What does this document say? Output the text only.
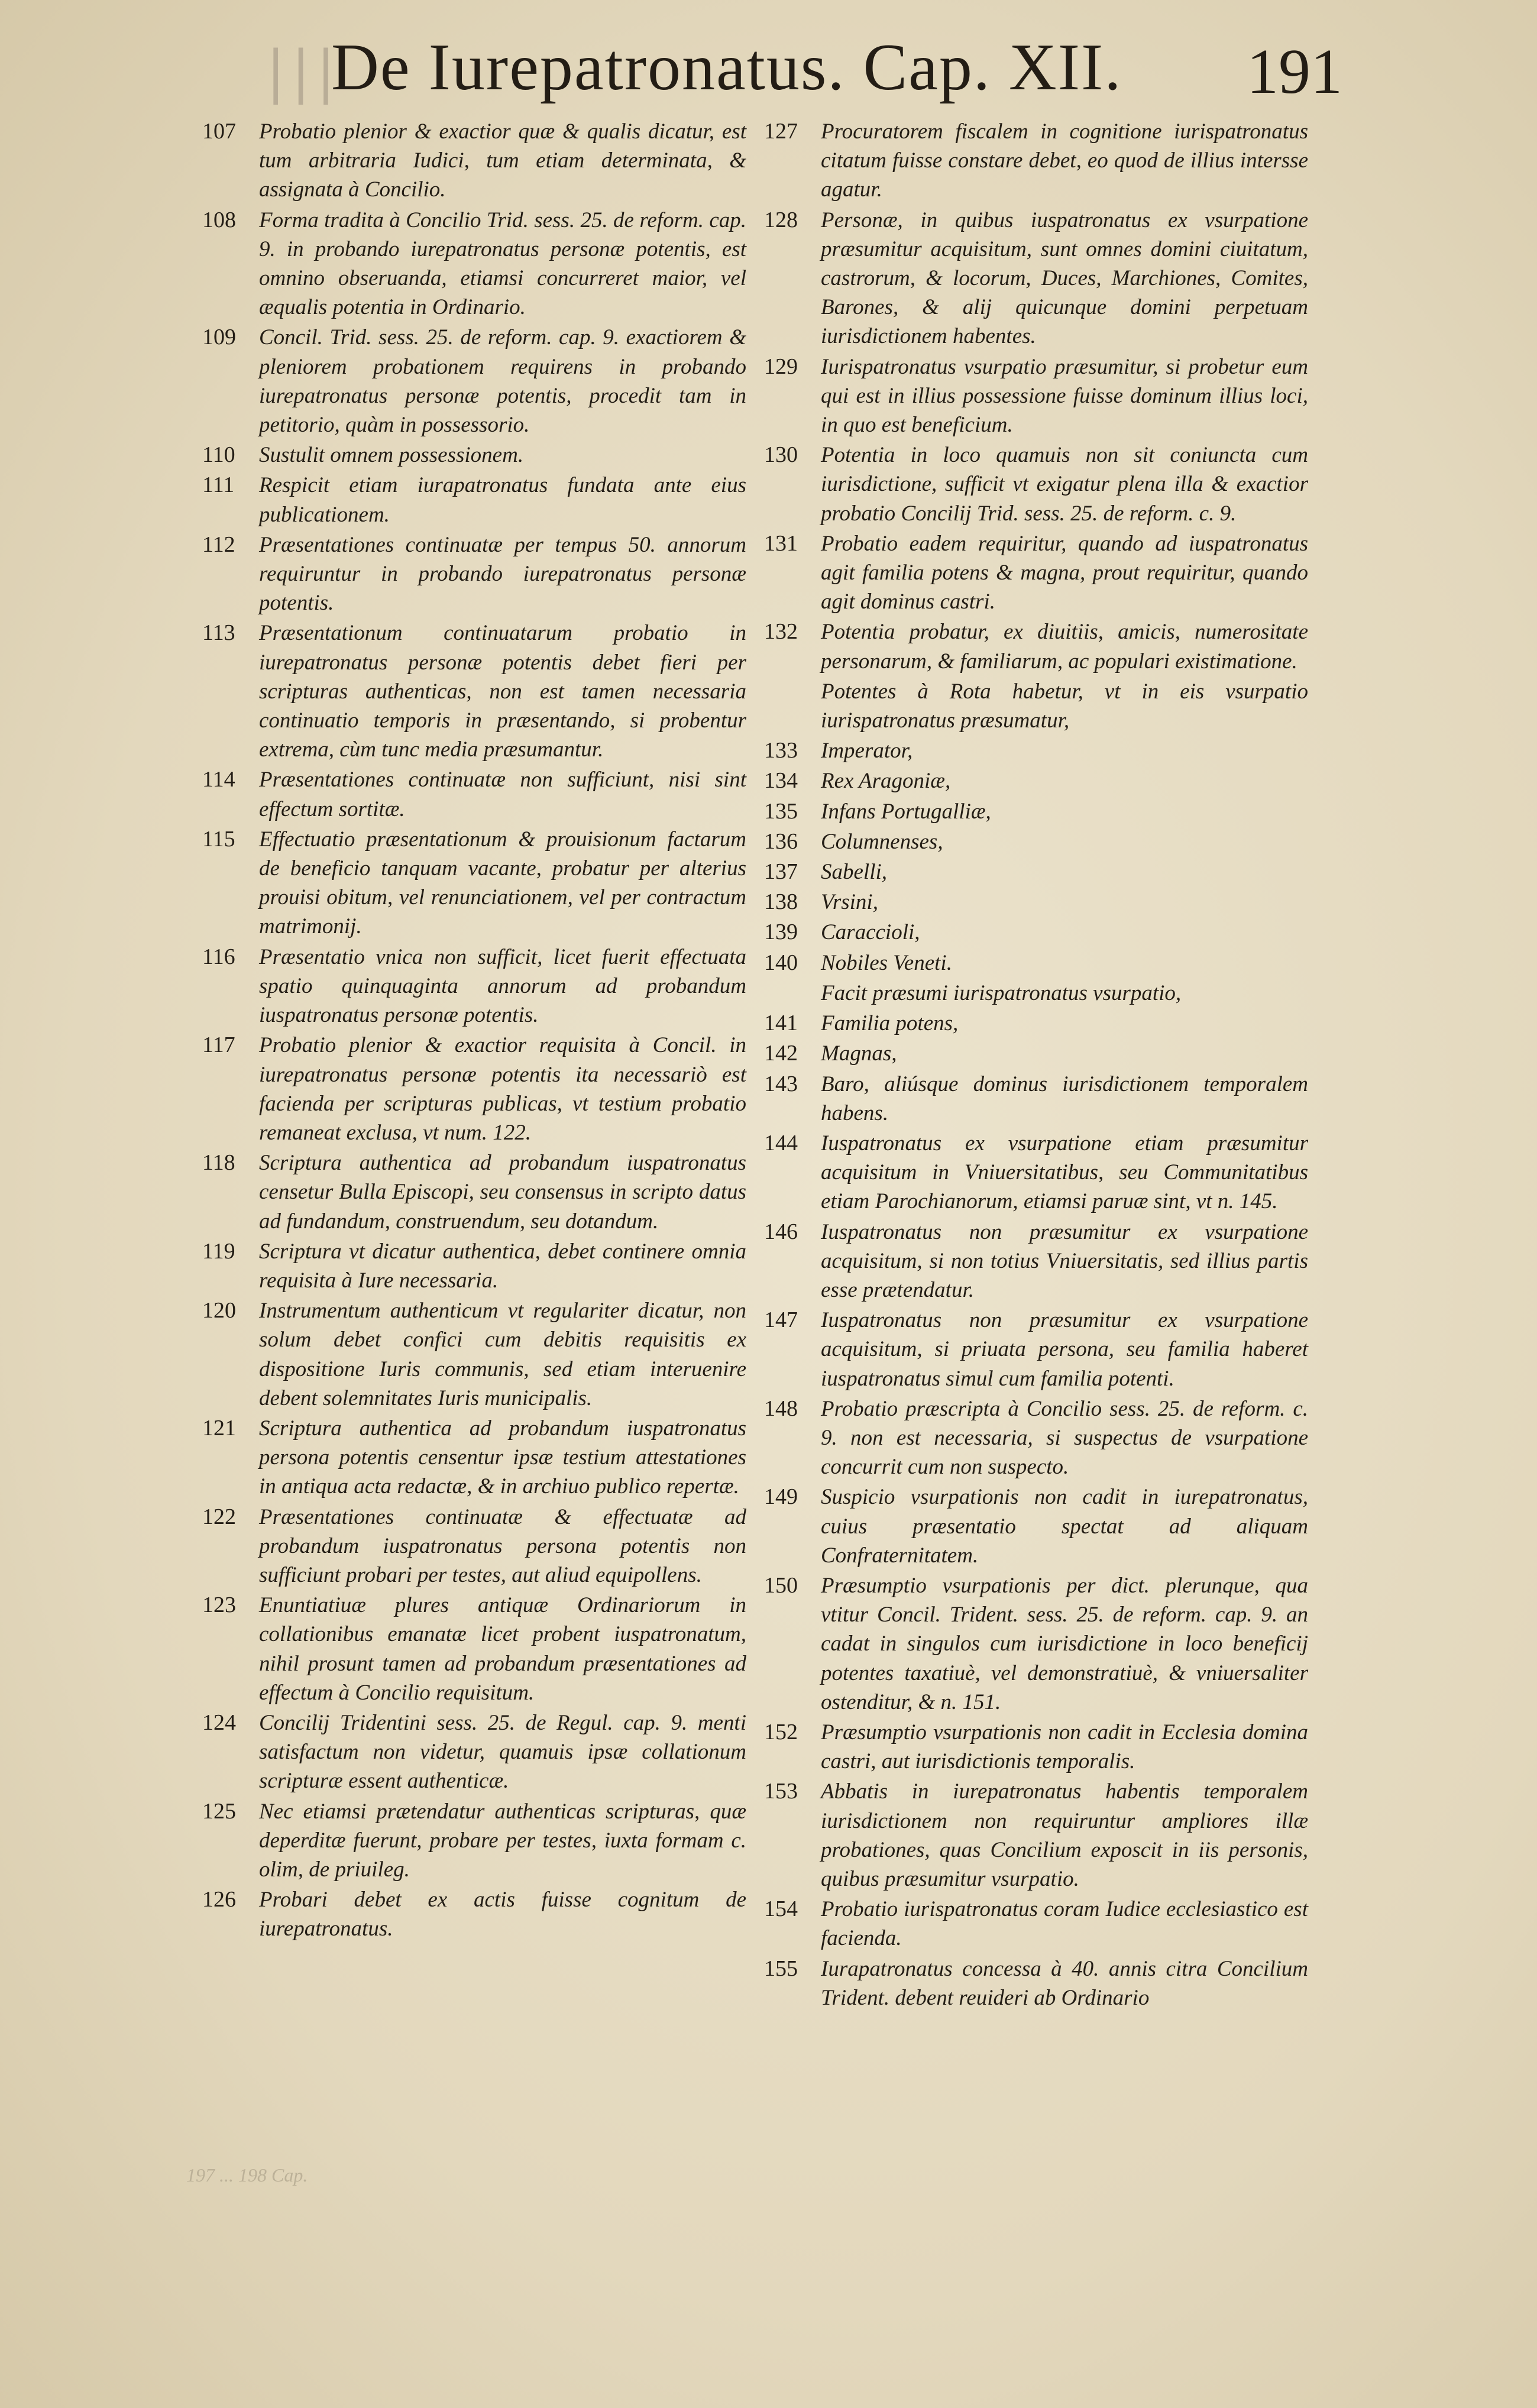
|||
De Iurepatronatus. Cap. XII. 191
107 Probatio plenior & exactior quæ & qualis dicatur, est tum arbitraria Iudici, tum etiam determinata, & assignata à Concilio.
108 Forma tradita à Concilio Trid. sess. 25. de reform. cap. 9. in probando iurepatronatus personæ potentis, est omnino obseruanda, etiamsi concurreret maior, vel æqualis potentia in Ordinario.
109 Concil. Trid. sess. 25. de reform. cap. 9. exactiorem & pleniorem probationem requirens in probando iurepatronatus personæ potentis, procedit tam in petitorio, quàm in possessorio.
110 Sustulit omnem possessionem.
111 Respicit etiam iurapatronatus fundata ante eius publicationem.
112 Præsentationes continuatæ per tempus 50. annorum requiruntur in probando iurepatronatus personæ potentis.
113 Præsentationum continuatarum probatio in iurepatronatus personæ potentis debet fieri per scripturas authenticas, non est tamen necessaria continuatio temporis in præsentando, si probentur extrema, cùm tunc media præsumantur.
114 Præsentationes continuatæ non sufficiunt, nisi sint effectum sortitæ.
115 Effectuatio præsentationum & prouisionum factarum de beneficio tanquam vacante, probatur per alterius prouisi obitum, vel renunciationem, vel per contractum matrimonij.
116 Præsentatio vnica non sufficit, licet fuerit effectuata spatio quinquaginta annorum ad probandum iuspatronatus personæ potentis.
117 Probatio plenior & exactior requisita à Concil. in iurepatronatus personæ potentis ita necessariò est facienda per scripturas publicas, vt testium probatio remaneat exclusa, vt num. 122.
118 Scriptura authentica ad probandum iuspatronatus censetur Bulla Episcopi, seu consensus in scripto datus ad fundandum, construendum, seu dotandum.
119 Scriptura vt dicatur authentica, debet continere omnia requisita à Iure necessaria.
120 Instrumentum authenticum vt regulariter dicatur, non solum debet confici cum debitis requisitis ex dispositione Iuris communis, sed etiam interuenire debent solemnitates Iuris municipalis.
121 Scriptura authentica ad probandum iuspatronatus persona potentis censentur ipsæ testium attestationes in antiqua acta redactæ, & in archiuo publico repertæ.
122 Præsentationes continuatæ & effectuatæ ad probandum iuspatronatus persona potentis non sufficiunt probari per testes, aut aliud equipollens.
123 Enuntiatiuæ plures antiquæ Ordinariorum in collationibus emanatæ licet probent iuspatronatum, nihil prosunt tamen ad probandum præsentationes ad effectum à Concilio requisitum.
124 Concilij Tridentini sess. 25. de Regul. cap. 9. menti satisfactum non videtur, quamuis ipsæ collationum scripturæ essent authenticæ.
125 Nec etiamsi prætendatur authenticas scripturas, quæ deperditæ fuerunt, probare per testes, iuxta formam c. olim, de priuileg.
126 Probari debet ex actis fuisse cognitum de iurepatronatus.
127 Procuratorem fiscalem in cognitione iurispatronatus citatum fuisse constare debet, eo quod de illius intersse agatur.
128 Personæ, in quibus iuspatronatus ex vsurpatione præsumitur acquisitum, sunt omnes domini ciuitatum, castrorum, & locorum, Duces, Marchiones, Comites, Barones, & alij quicunque domini perpetuam iurisdictionem habentes.
129 Iurispatronatus vsurpatio præsumitur, si probetur eum qui est in illius possessione fuisse dominum illius loci, in quo est beneficium.
130 Potentia in loco quamuis non sit coniuncta cum iurisdictione, sufficit vt exigatur plena illa & exactior probatio Concilij Trid. sess. 25. de reform. c. 9.
131 Probatio eadem requiritur, quando ad iuspatronatus agit familia potens & magna, prout requiritur, quando agit dominus castri.
132 Potentia probatur, ex diuitiis, amicis, numerositate personarum, & familiarum, ac populari existimatione.
Potentes à Rota habetur, vt in eis vsurpatio iurispatronatus præsumatur,
133 Imperator,
134 Rex Aragoniæ,
135 Infans Portugalliæ,
136 Columnenses,
137 Sabelli,
138 Vrsini,
139 Caraccioli,
140 Nobiles Veneti.
Facit præsumi iurispatronatus vsurpatio,
141 Familia potens,
142 Magnas,
143 Baro, aliúsque dominus iurisdictionem temporalem habens.
144 Iuspatronatus ex vsurpatione etiam præsumitur acquisitum in Vniuersitatibus, seu Communitatibus etiam Parochianorum, etiamsi paruæ sint, vt n. 145.
146 Iuspatronatus non præsumitur ex vsurpatione acquisitum, si non totius Vniuersitatis, sed illius partis esse prætendatur.
147 Iuspatronatus non præsumitur ex vsurpatione acquisitum, si priuata persona, seu familia haberet iuspatronatus simul cum familia potenti.
148 Probatio præscripta à Concilio sess. 25. de reform. c. 9. non est necessaria, si suspectus de vsurpatione concurrit cum non suspecto.
149 Suspicio vsurpationis non cadit in iurepatronatus, cuius præsentatio spectat ad aliquam Confraternitatem.
150 Præsumptio vsurpationis per dict. plerunque, qua vtitur Concil. Trident. sess. 25. de reform. cap. 9. an cadat in singulos cum iurisdictione in loco beneficij potentes taxatiuè, vel demonstratiuè, & vniuersaliter ostenditur, & n. 151.
152 Præsumptio vsurpationis non cadit in Ecclesia domina castri, aut iurisdictionis temporalis.
153 Abbatis in iurepatronatus habentis temporalem iurisdictionem non requiruntur ampliores illæ probationes, quas Concilium exposcit in iis personis, quibus præsumitur vsurpatio.
154 Probatio iurispatronatus coram Iudice ecclesiastico est facienda.
155 Iurapatronatus concessa à 40. annis citra Concilium Trident. debent reuideri ab Ordinario
197 ... 198 Cap.
